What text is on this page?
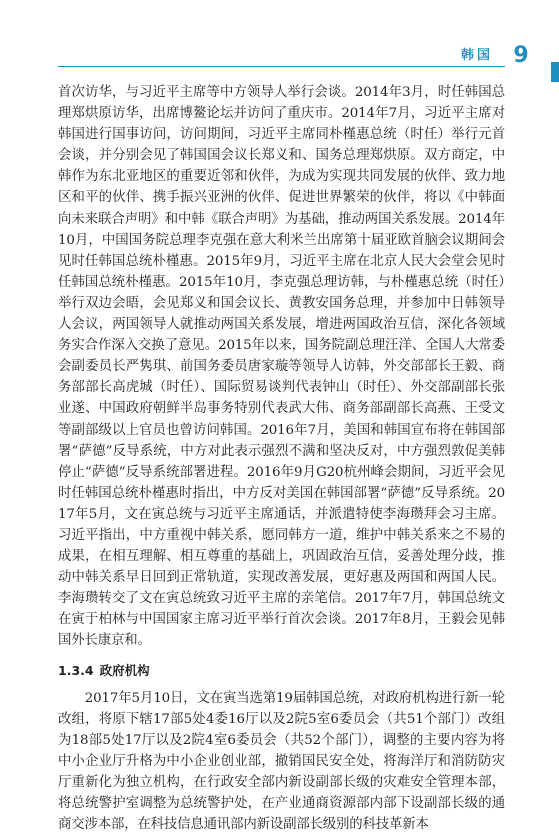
韩国 9

首次访华，与习近平主席等中方领导人举行会谈。2014年3月，时任韩国总理郑烘原访华，出席博鳌论坛并访问了重庆市。2014年7月，习近平主席对韩国进行国事访问，访问期间，习近平主席同朴槿惠总统（时任）举行元首会谈，并分别会见了韩国国会议长郑义和、国务总理郑烘原。双方商定，中韩作为东北亚地区的重要近邻和伙伴，为成为实现共同发展的伙伴、致力地区和平的伙伴、携手振兴亚洲的伙伴、促进世界繁荣的伙伴，将以《中韩面向未来联合声明》和中韩《联合声明》为基础，推动两国关系发展。2014年10月，中国国务院总理李克强在意大利米兰出席第十届亚欧首脑会议期间会见时任韩国总统朴槿惠。2015年9月，习近平主席在北京人民大会堂会见时任韩国总统朴槿惠。2015年10月，李克强总理访韩，与朴槿惠总统（时任）举行双边会晤，会见郑义和国会议长、黄教安国务总理，并参加中日韩领导人会议，两国领导人就推动两国关系发展，增进两国政治互信，深化各领域务实合作深入交换了意见。2015年以来，国务院副总理汪洋、全国人大常委会副委员长严隽琪、前国务委员唐家璇等领导人访韩，外交部部长王毅、商务部部长高虎城（时任）、国际贸易谈判代表钟山（时任）、外交部副部长张业遂、中国政府朝鲜半岛事务特别代表武大伟、商务部副部长高燕、王受文等副部级以上官员也曾访问韩国。2016年7月，美国和韩国宣布将在韩国部署“萨德”反导系统，中方对此表示强烈不满和坚决反对，中方强烈敦促美韩停止“萨德”反导系统部署进程。2016年9月G20杭州峰会期间，习近平会见时任韩国总统朴槿惠时指出，中方反对美国在韩国部署“萨德”反导系统。2017年5月，文在寅总统与习近平主席通话，并派遣特使李海瓒拜会习主席。习近平指出，中方重视中韩关系，愿同韩方一道，维护中韩关系来之不易的成果，在相互理解、相互尊重的基础上，巩固政治互信，妥善处理分歧，推动中韩关系早日回到正常轨道，实现改善发展，更好惠及两国和两国人民。李海瓒转交了文在寅总统致习近平主席的亲笔信。2017年7月，韩国总统文在寅于柏林与中国国家主席习近平举行首次会谈。2017年8月，王毅会见韩国外长康京和。

1.3.4 政府机构

2017年5月10日，文在寅当选第19届韩国总统，对政府机构进行新一轮改组，将原下辖17部5处4委16厅以及2院5室6委员会（共51个部门）改组为18部5处17厅以及2院4室6委员会（共52个部门），调整的主要内容为将中小企业厅升格为中小企业创业部，撤销国民安全处，将海洋厅和消防防灾厅重新化为独立机构，在行政安全部内新设副部长级的灾难安全管理本部，将总统警护室调整为总统警护处，在产业通商资源部内部下设副部长级的通商交涉本部，在科技信息通讯部内新设副部长级别的科技革新本
